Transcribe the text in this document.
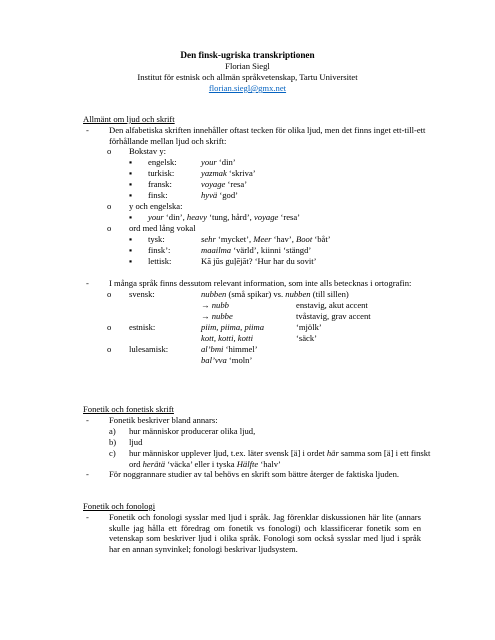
Den finsk-ugriska transkriptionen
Florian Siegl
Institut för estnisk och allmän språkvetenskap, Tartu Universitet
florian.siegl@gmx.net
Allmänt om ljud och skrift
- Den alfabetiska skriften innehåller oftast tecken för olika ljud, men det finns inget ett-till-ett förhållande mellan ljud och skrift:
o Bokstav y:
▪ engelsk:	your ‘din’
▪ turkisk:	yazmak ‘skriva’
▪ fransk:	voyage ‘resa’
▪ finsk:	hyvä ‘god’
o y och engelska:
▪ your ‘din’, heavy ‘tung, hård’, voyage ‘resa’
o ord med lång vokal
▪ tysk:	sehr ‘mycket’, Meer ‘hav’, Boot ‘båt’
▪ finsk’:	maailma ‘värld’, kiinni ‘stängd’
▪ lettisk:	Kā jūs guļējāt? ‘Hur har du sovit’
- I många språk finns dessutom relevant information, som inte alls betecknas i ortografin:
o svensk:	nubben (små spikar) vs. nubben (till sillen)
→ nubb	enstavig, akut accent
→ nubbe	tvåstavig, grav accent
o estnisk:	piim, piima, piima	‘mjölk’
kott, kotti, kotti	‘säck’
o lulesamisk:	al’bmi ‘himmel’
bal’vva ‘moln’
Fonetik och fonetisk skrift
- Fonetik beskriver bland annars:
a) hur människor producerar olika ljud,
b) ljud
c) hur människor upplever ljud, t.ex. läter svensk [ä] i ordet här samma som [ä] i ett finskt ord herätä ‘väcka’ eller i tyska Hälfte ‘halv’
- För noggrannare studier av tal behövs en skrift som bättre återger de faktiska ljuden.
Fonetik och fonologi
- Fonetik och fonologi sysslar med ljud i språk. Jag förenklar diskussionen här lite (annars skulle jag hålla ett föredrag om fonetik vs fonologi) och klassificerar fonetik som en vetenskap som beskriver ljud i olika språk. Fonologi som också sysslar med ljud i språk har en annan synvinkel; fonologi beskrivar ljudsystem.
